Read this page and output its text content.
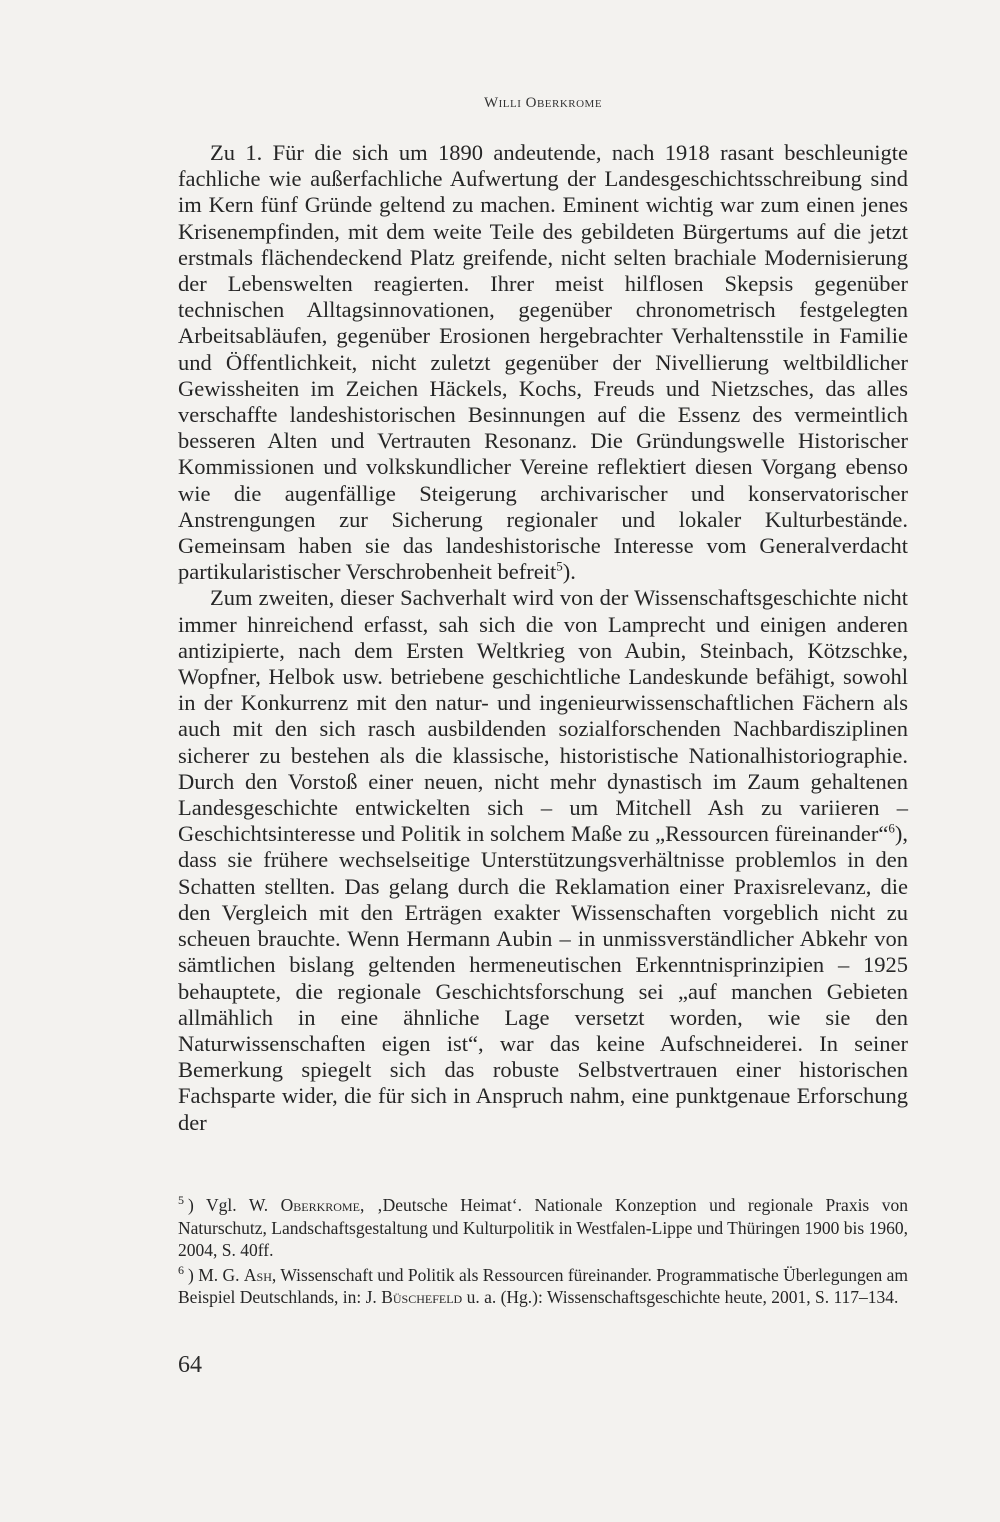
Willi Oberkrome

Zu 1. Für die sich um 1890 andeutende, nach 1918 rasant beschleunigte fachliche wie außerfachliche Aufwertung der Landesgeschichtsschreibung sind im Kern fünf Gründe geltend zu machen. Eminent wichtig war zum einen jenes Krisenempfinden, mit dem weite Teile des gebildeten Bürgertums auf die jetzt erstmals flächendeckend Platz greifende, nicht selten brachiale Modernisierung der Lebenswelten reagierten. Ihrer meist hilflosen Skepsis gegenüber technischen Alltagsinnovationen, gegenüber chronometrisch festgelegten Arbeitsabläufen, gegenüber Erosionen hergebrachter Verhaltensstile in Familie und Öffentlichkeit, nicht zuletzt gegenüber der Nivellierung weltbildlicher Gewissheiten im Zeichen Häckels, Kochs, Freuds und Nietzsches, das alles verschaffte landeshistorischen Besinnungen auf die Essenz des vermeintlich besseren Alten und Vertrauten Resonanz. Die Gründungswelle Historischer Kommissionen und volkskundlicher Vereine reflektiert diesen Vorgang ebenso wie die augenfällige Steigerung archivarischer und konservatorischer Anstrengungen zur Sicherung regionaler und lokaler Kulturbestände. Gemeinsam haben sie das landeshistorische Interesse vom Generalverdacht partikularistischer Verschrobenheit befreit$^5$).

Zum zweiten, dieser Sachverhalt wird von der Wissenschaftsgeschichte nicht immer hinreichend erfasst, sah sich die von Lamprecht und einigen anderen antizipierte, nach dem Ersten Weltkrieg von Aubin, Steinbach, Kötzschke, Wopfner, Helbok usw. betriebene geschichtliche Landeskunde befähigt, sowohl in der Konkurrenz mit den natur- und ingenieurwissenschaftlichen Fächern als auch mit den sich rasch ausbildenden sozialforschenden Nachbardisziplinen sicherer zu bestehen als die klassische, historistische Nationalhistoriographie. Durch den Vorstoß einer neuen, nicht mehr dynastisch im Zaum gehaltenen Landesgeschichte entwickelten sich – um Mitchell Ash zu variieren – Geschichtsinteresse und Politik in solchem Maße zu „Ressourcen füreinander“$^6$), dass sie frühere wechselseitige Unterstützungsverhältnisse problemlos in den Schatten stellten. Das gelang durch die Reklamation einer Praxisrelevanz, die den Vergleich mit den Erträgen exakter Wissenschaften vorgeblich nicht zu scheuen brauchte. Wenn Hermann Aubin – in unmissverständlicher Abkehr von sämtlichen bislang geltenden hermeneutischen Erkenntnisprinzipien – 1925 behauptete, die regionale Geschichtsforschung sei „auf manchen Gebieten allmählich in eine ähnliche Lage versetzt worden, wie sie den Naturwissenschaften eigen ist“, war das keine Aufschneiderei. In seiner Bemerkung spiegelt sich das robuste Selbstvertrauen einer historischen Fachsparte wider, die für sich in Anspruch nahm, eine punktgenaue Erforschung der

$^5$ ) Vgl. W. Oberkrome, ‚Deutsche Heimat‘. Nationale Konzeption und regionale Praxis von Naturschutz, Landschaftsgestaltung und Kulturpolitik in Westfalen-Lippe und Thüringen 1900 bis 1960, 2004, S. 40ff.

$^6$ ) M. G. Ash, Wissenschaft und Politik als Ressourcen füreinander. Programmatische Überlegungen am Beispiel Deutschlands, in: J. Büschefeld u. a. (Hg.): Wissenschaftsgeschichte heute, 2001, S. 117–134.

64
